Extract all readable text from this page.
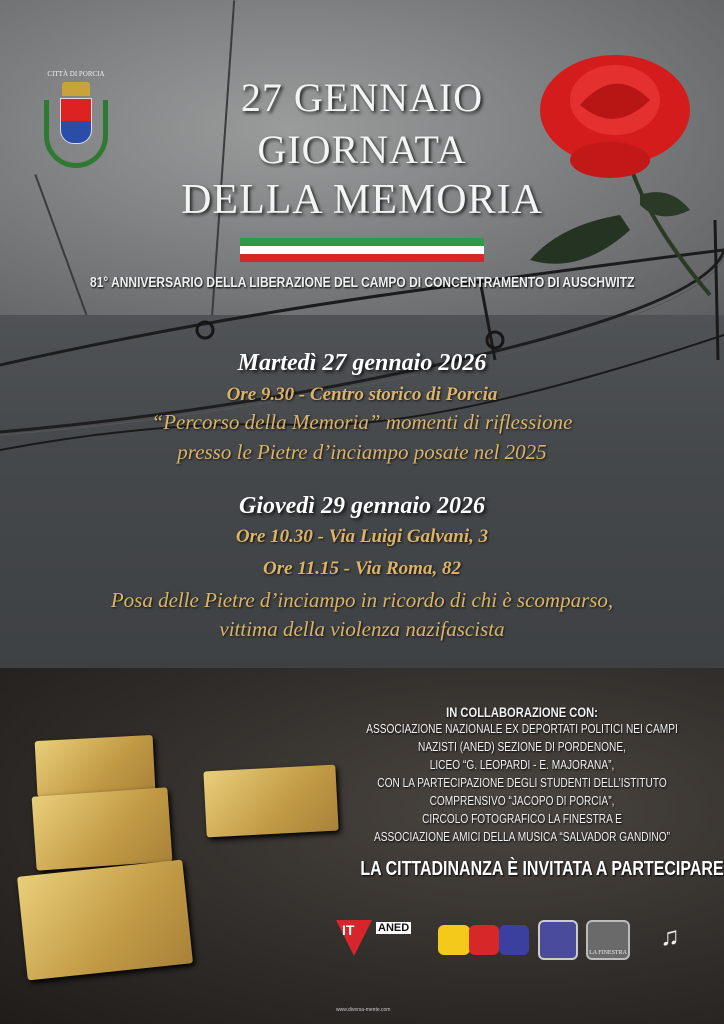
CITTÀ DI PORCIA
27 GENNAIO
GIORNATA
DELLA MEMORIA
81° ANNIVERSARIO DELLA LIBERAZIONE DEL CAMPO DI CONCENTRAMENTO DI AUSCHWITZ
Martedì 27 gennaio 2026
Ore 9.30 - Centro storico di Porcia
“Percorso della Memoria” momenti di riflessione
presso le Pietre d’inciampo posate nel 2025
Giovedì 29 gennaio 2026
Ore 10.30 - Via Luigi Galvani, 3
Ore 11.15 - Via Roma, 82
Posa delle Pietre d’inciampo in ricordo di chi è scomparso,
vittima della violenza nazifascista
IN COLLABORAZIONE CON:
ASSOCIAZIONE NAZIONALE EX DEPORTATI POLITICI NEI CAMPI
NAZISTI (ANED) SEZIONE DI PORDENONE,
LICEO “G. LEOPARDI - E. MAJORANA”,
CON LA PARTECIPAZIONE DEGLI STUDENTI DELL’ISTITUTO
COMPRENSIVO “JACOPO DI PORCIA”,
CIRCOLO FOTOGRAFICO LA FINESTRA E
ASSOCIAZIONE AMICI DELLA MUSICA “SALVADOR GANDINO”
LA CITTADINANZA È INVITATA A PARTECIPARE
IT ANED
LA FINESTRA
♫
www.diversa-mente.com
